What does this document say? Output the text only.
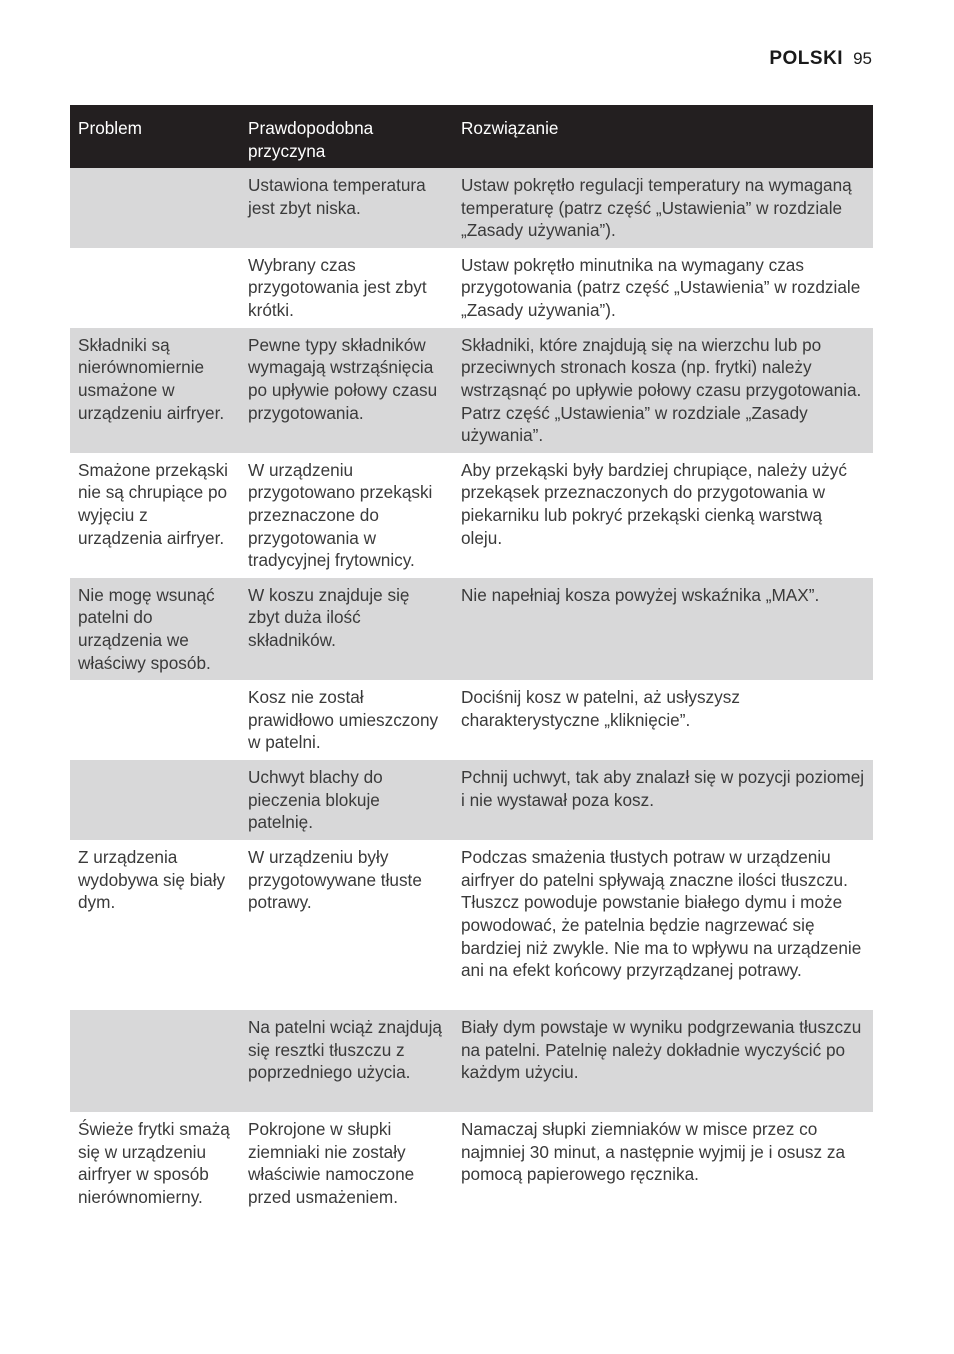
POLSKI 95
Problem	Prawdopodobna przyczyna	Rozwiązanie
	Ustawiona temperatura jest zbyt niska.	Ustaw pokrętło regulacji temperatury na wymaganą temperaturę (patrz część „Ustawienia” w rozdziale „Zasady używania”).
	Wybrany czas przygotowania jest zbyt krótki.	Ustaw pokrętło minutnika na wymagany czas przygotowania (patrz część „Ustawienia” w rozdziale „Zasady używania”).
Składniki są nierównomiernie usmażone w urządzeniu airfryer.	Pewne typy składników wymagają wstrząśnięcia po upływie połowy czasu przygotowania.	Składniki, które znajdują się na wierzchu lub po przeciwnych stronach kosza (np. frytki) należy wstrząsnąć po upływie połowy czasu przygotowania. Patrz część „Ustawienia” w rozdziale „Zasady używania”.
Smażone przekąski nie są chrupiące po wyjęciu z urządzenia airfryer.	W urządzeniu przygotowano przekąski przeznaczone do przygotowania w tradycyjnej frytownicy.	Aby przekąski były bardziej chrupiące, należy użyć przekąsek przeznaczonych do przygotowania w piekarniku lub pokryć przekąski cienką warstwą oleju.
Nie mogę wsunąć patelni do urządzenia we właściwy sposób.	W koszu znajduje się zbyt duża ilość składników.	Nie napełniaj kosza powyżej wskaźnika „MAX”.
	Kosz nie został prawidłowo umieszczony w patelni.	Dociśnij kosz w patelni, aż usłyszysz charakterystyczne „kliknięcie”.
	Uchwyt blachy do pieczenia blokuje patelnię.	Pchnij uchwyt, tak aby znalazł się w pozycji poziomej i nie wystawał poza kosz.
Z urządzenia wydobywa się biały dym.	W urządzeniu były przygotowywane tłuste potrawy.	Podczas smażenia tłustych potraw w urządzeniu airfryer do patelni spływają znaczne ilości tłuszczu. Tłuszcz powoduje powstanie białego dymu i może powodować, że patelnia będzie nagrzewać się bardziej niż zwykle. Nie ma to wpływu na urządzenie ani na efekt końcowy przyrządzanej potrawy.
	Na patelni wciąż znajdują się resztki tłuszczu z poprzedniego użycia.	Biały dym powstaje w wyniku podgrzewania tłuszczu na patelni. Patelnię należy dokładnie wyczyścić po każdym użyciu.
Świeże frytki smażą się w urządzeniu airfryer w sposób nierównomierny.	Pokrojone w słupki ziemniaki nie zostały właściwie namoczone przed usmażeniem.	Namaczaj słupki ziemniaków w misce przez co najmniej 30 minut, a następnie wyjmij je i osusz za pomocą papierowego ręcznika.
